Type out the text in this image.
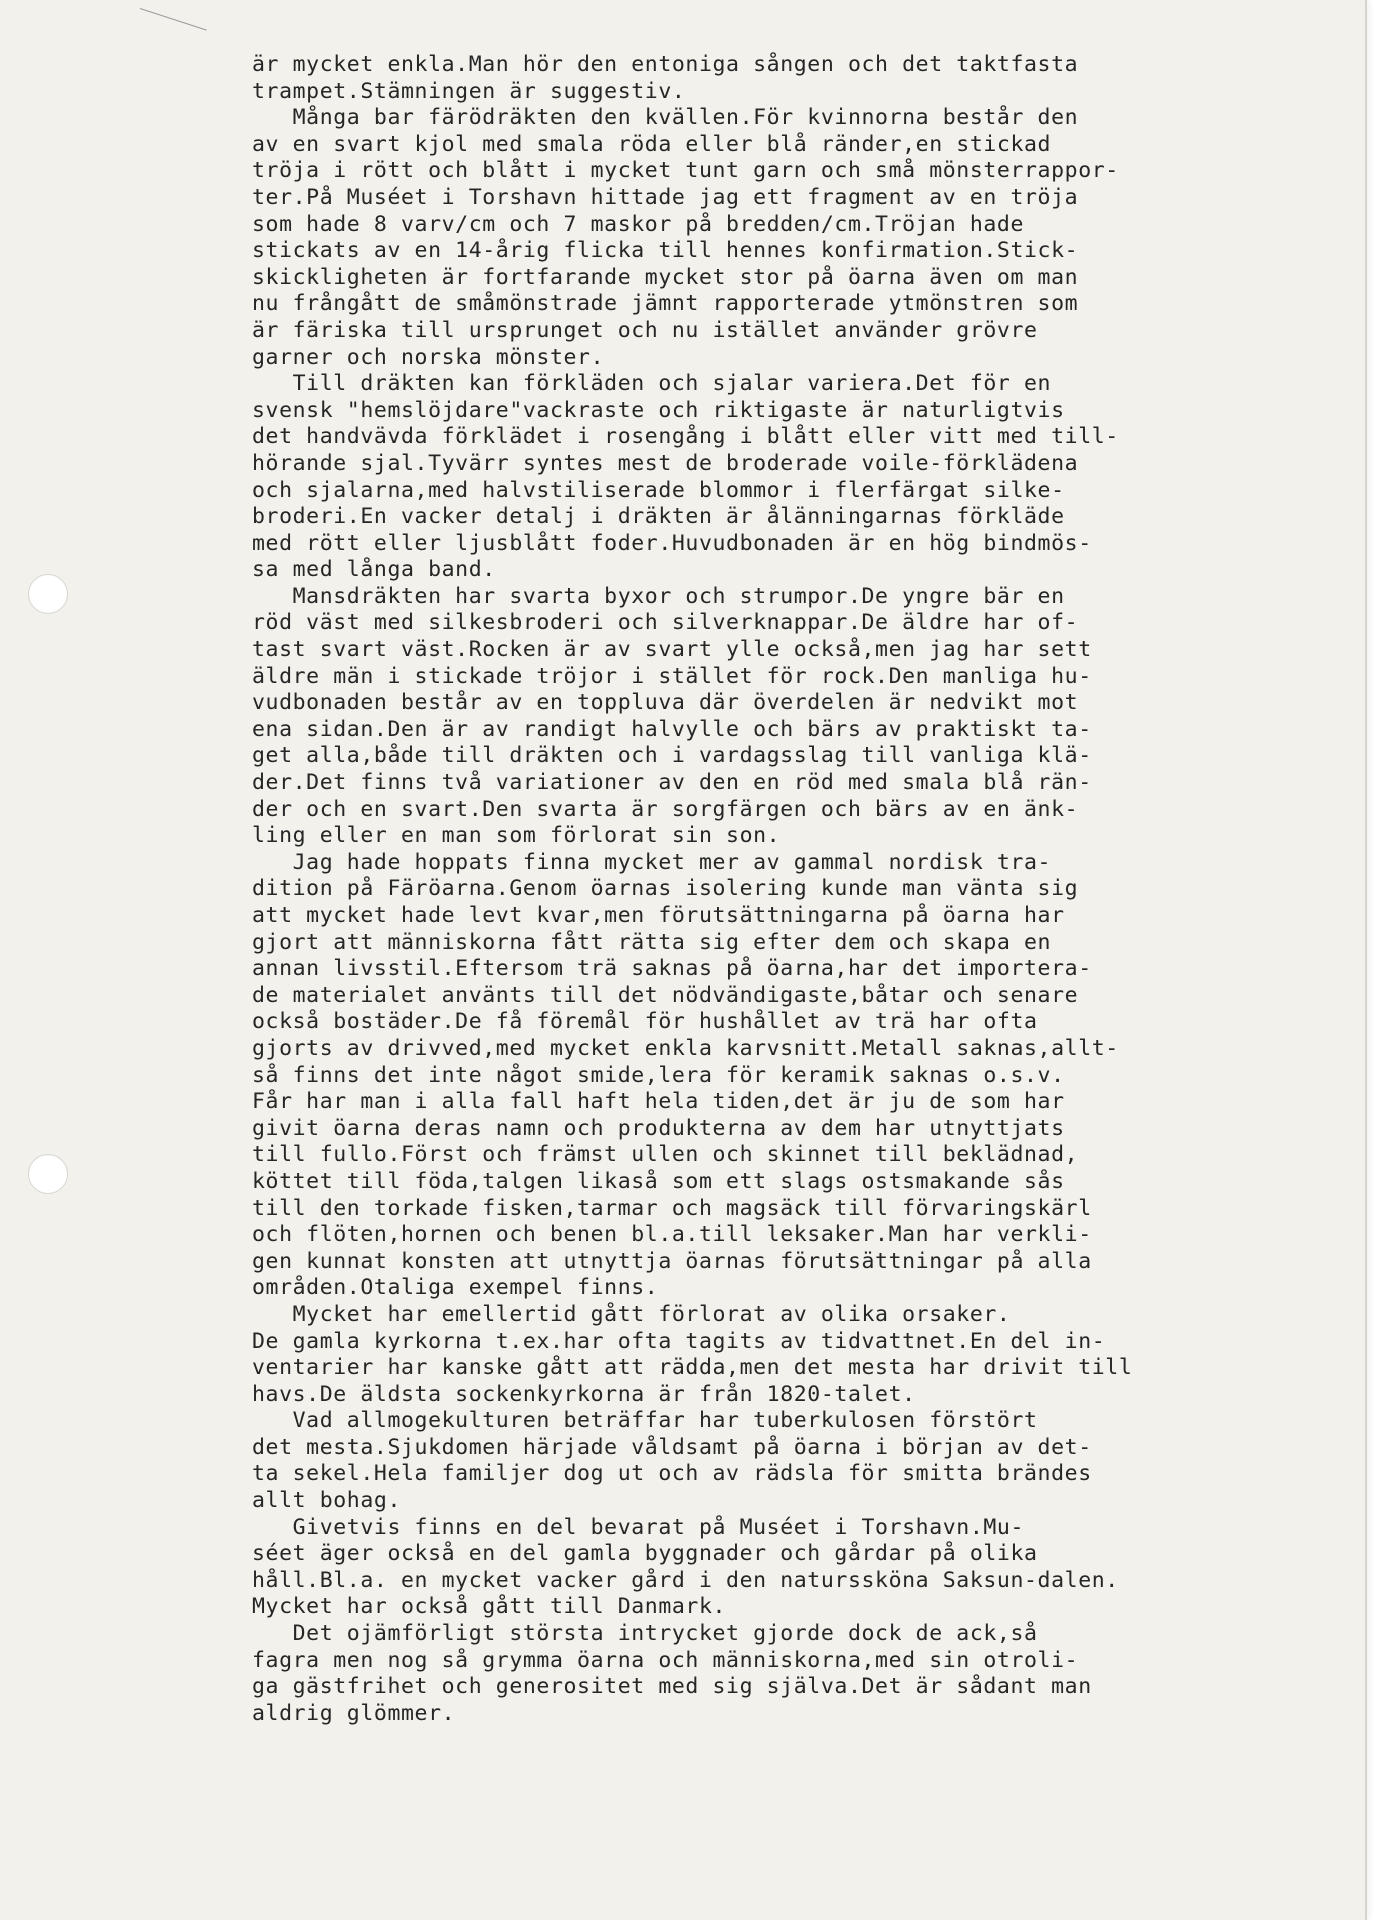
är mycket enkla.Man hör den entoniga sången och det taktfasta
trampet.Stämningen är suggestiv.
Många bar färödräkten den kvällen.För kvinnorna består den
av en svart kjol med smala röda eller blå ränder,en stickad
tröja i rött och blått i mycket tunt garn och små mönsterrappor-
ter.På Muséet i Torshavn hittade jag ett fragment av en tröja
som hade 8 varv/cm och 7 maskor på bredden/cm.Tröjan hade
stickats av en 14-årig flicka till hennes konfirmation.Stick-
skickligheten är fortfarande mycket stor på öarna även om man
nu frångått de småmönstrade jämnt rapporterade ytmönstren som
är färiska till ursprunget och nu istället använder grövre
garner och norska mönster.
Till dräkten kan förkläden och sjalar variera.Det för en
svensk "hemslöjdare"vackraste och riktigaste är naturligtvis
det handvävda förklädet i rosengång i blått eller vitt med till-
hörande sjal.Tyvärr syntes mest de broderade voile-förklädena
och sjalarna,med halvstiliserade blommor i flerfärgat silke-
broderi.En vacker detalj i dräkten är ålänningarnas förkläde
med rött eller ljusblått foder.Huvudbonaden är en hög bindmös-
sa med långa band.
Mansdräkten har svarta byxor och strumpor.De yngre bär en
röd väst med silkesbroderi och silverknappar.De äldre har of-
tast svart väst.Rocken är av svart ylle också,men jag har sett
äldre män i stickade tröjor i stället för rock.Den manliga hu-
vudbonaden består av en toppluva där överdelen är nedvikt mot
ena sidan.Den är av randigt halvylle och bärs av praktiskt ta-
get alla,både till dräkten och i vardagsslag till vanliga klä-
der.Det finns två variationer av den en röd med smala blå rän-
der och en svart.Den svarta är sorgfärgen och bärs av en änk-
ling eller en man som förlorat sin son.
Jag hade hoppats finna mycket mer av gammal nordisk tra-
dition på Färöarna.Genom öarnas isolering kunde man vänta sig
att mycket hade levt kvar,men förutsättningarna på öarna har
gjort att människorna fått rätta sig efter dem och skapa en
annan livsstil.Eftersom trä saknas på öarna,har det importera-
de materialet använts till det nödvändigaste,båtar och senare
också bostäder.De få föremål för hushållet av trä har ofta
gjorts av drivved,med mycket enkla karvsnitt.Metall saknas,allt-
så finns det inte något smide,lera för keramik saknas o.s.v.
Får har man i alla fall haft hela tiden,det är ju de som har
givit öarna deras namn och produkterna av dem har utnyttjats
till fullo.Först och främst ullen och skinnet till beklädnad,
köttet till föda,talgen likaså som ett slags ostsmakande sås
till den torkade fisken,tarmar och magsäck till förvaringskärl
och flöten,hornen och benen bl.a.till leksaker.Man har verkli-
gen kunnat konsten att utnyttja öarnas förutsättningar på alla
områden.Otaliga exempel finns.
Mycket har emellertid gått förlorat av olika orsaker.
De gamla kyrkorna t.ex.har ofta tagits av tidvattnet.En del in-
ventarier har kanske gått att rädda,men det mesta har drivit till
havs.De äldsta sockenkyrkorna är från 1820-talet.
Vad allmogekulturen beträffar har tuberkulosen förstört
det mesta.Sjukdomen härjade våldsamt på öarna i början av det-
ta sekel.Hela familjer dog ut och av rädsla för smitta brändes
allt bohag.
Givetvis finns en del bevarat på Muséet i Torshavn.Mu-
séet äger också en del gamla byggnader och gårdar på olika
håll.Bl.a. en mycket vacker gård i den naturssköna Saksun-dalen.
Mycket har också gått till Danmark.
Det ojämförligt största intrycket gjorde dock de ack,så
fagra men nog så grymma öarna och människorna,med sin otroli-
ga gästfrihet och generositet med sig själva.Det är sådant man
aldrig glömmer.
